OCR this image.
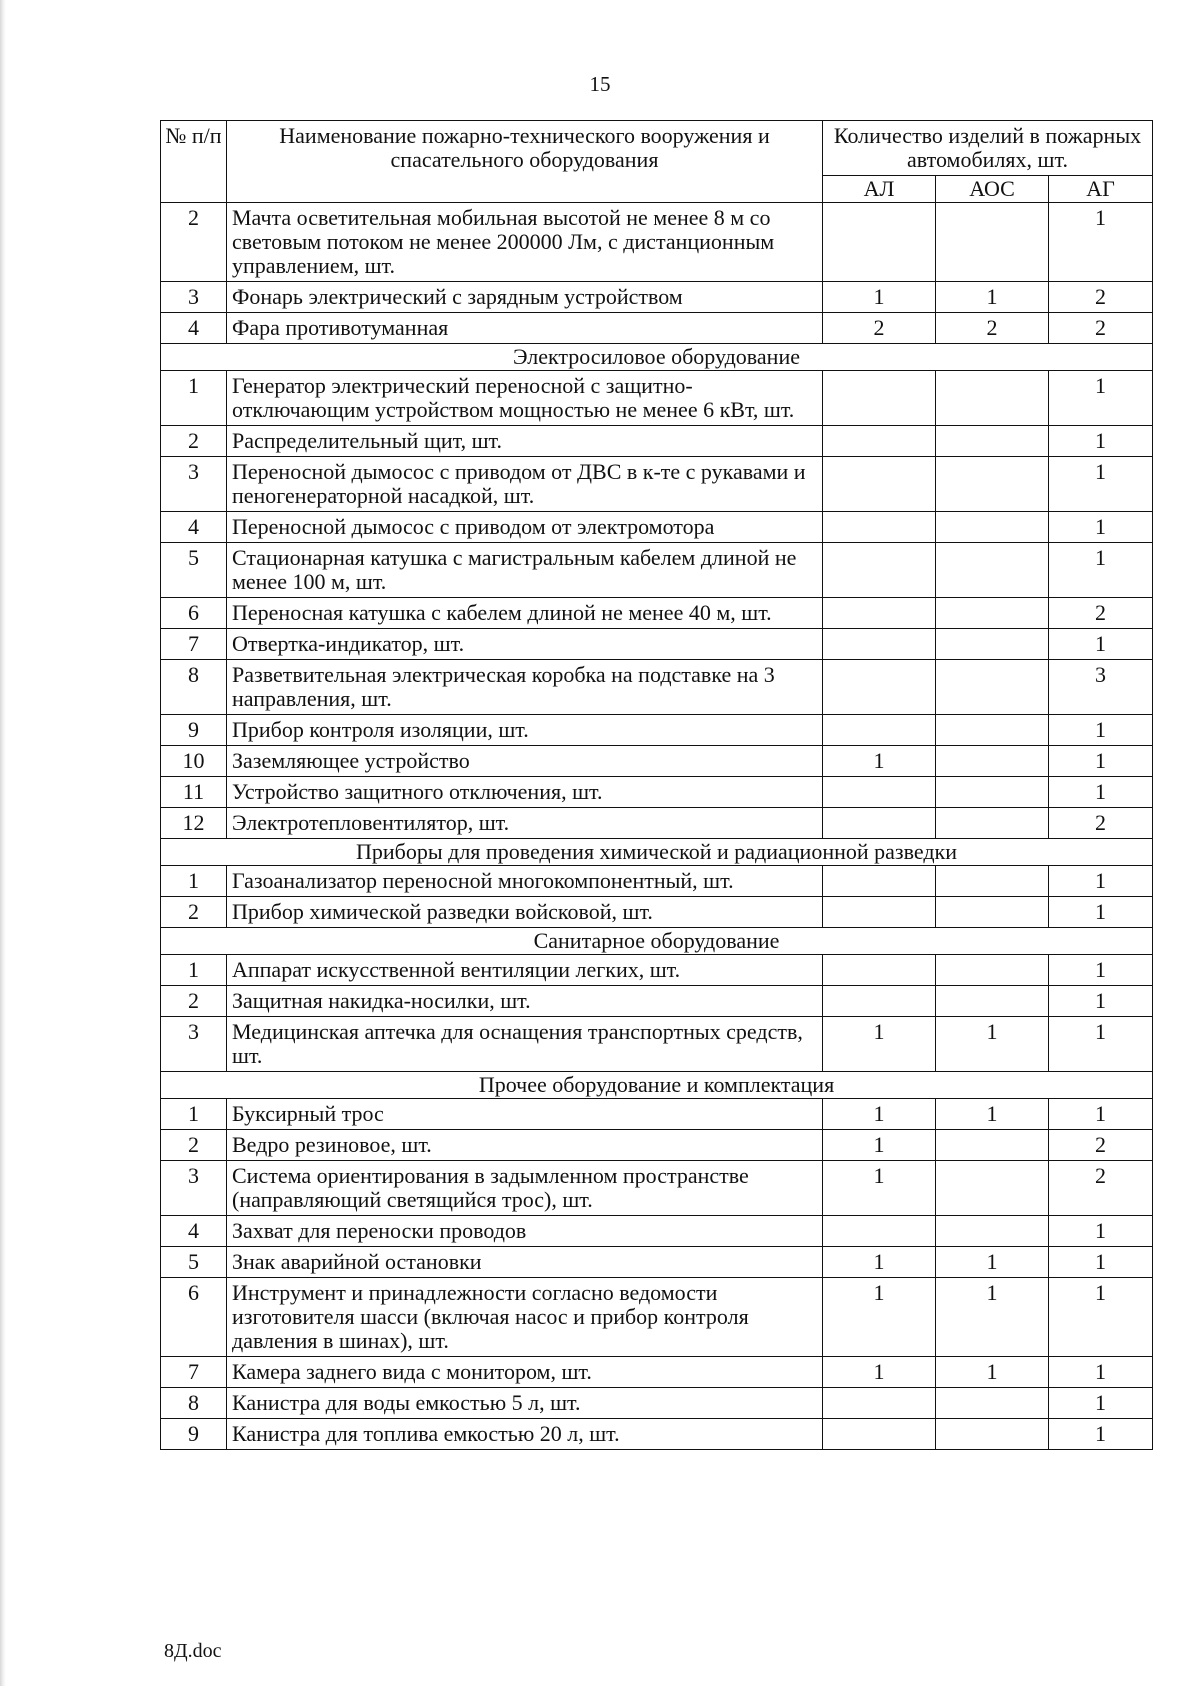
15
№ п/п	Наименование пожарно-технического вооружения и спасательного оборудования	Количество изделий в пожарных автомобилях, шт.		
		АЛ	АОС	АГ
2	Мачта осветительная мобильная высотой не менее 8 м со световым потоком не менее 200000 Лм, с дистанционным управлением, шт.			1
3	Фонарь электрический с зарядным устройством	1	1	2
4	Фара противотуманная	2	2	2
Электросиловое оборудование				
1	Генератор электрический переносной с защитно-отключающим устройством мощностью не менее 6 кВт, шт.			1
2	Распределительный щит, шт.			1
3	Переносной дымосос с приводом от ДВС в к-те с рукавами и пеногенераторной насадкой, шт.			1
4	Переносной дымосос с приводом от электромотора			1
5	Стационарная катушка с магистральным кабелем длиной не менее 100 м, шт.			1
6	Переносная катушка с кабелем длиной не менее 40 м, шт.			2
7	Отвертка-индикатор, шт.			1
8	Разветвительная электрическая коробка на подставке на 3 направления, шт.			3
9	Прибор контроля изоляции, шт.			1
10	Заземляющее устройство	1		1
11	Устройство защитного отключения, шт.			1
12	Электротепловентилятор, шт.			2
Приборы для проведения химической и радиационной разведки				
1	Газоанализатор переносной многокомпонентный, шт.			1
2	Прибор химической разведки войсковой, шт.			1
Санитарное оборудование				
1	Аппарат искусственной вентиляции легких, шт.			1
2	Защитная накидка-носилки, шт.			1
3	Медицинская аптечка для оснащения транспортных средств, шт.	1	1	1
Прочее оборудование и комплектация				
1	Буксирный трос	1	1	1
2	Ведро резиновое, шт.	1		2
3	Система ориентирования в задымленном пространстве (направляющий светящийся трос), шт.	1		2
4	Захват для переноски проводов			1
5	Знак аварийной остановки	1	1	1
6	Инструмент и принадлежности согласно ведомости изготовителя шасси (включая насос и прибор контроля давления в шинах), шт.	1	1	1
7	Камера заднего вида с монитором, шт.	1	1	1
8	Канистра для воды емкостью 5 л, шт.			1
9	Канистра для топлива емкостью 20 л, шт.			1
8Д.doc
